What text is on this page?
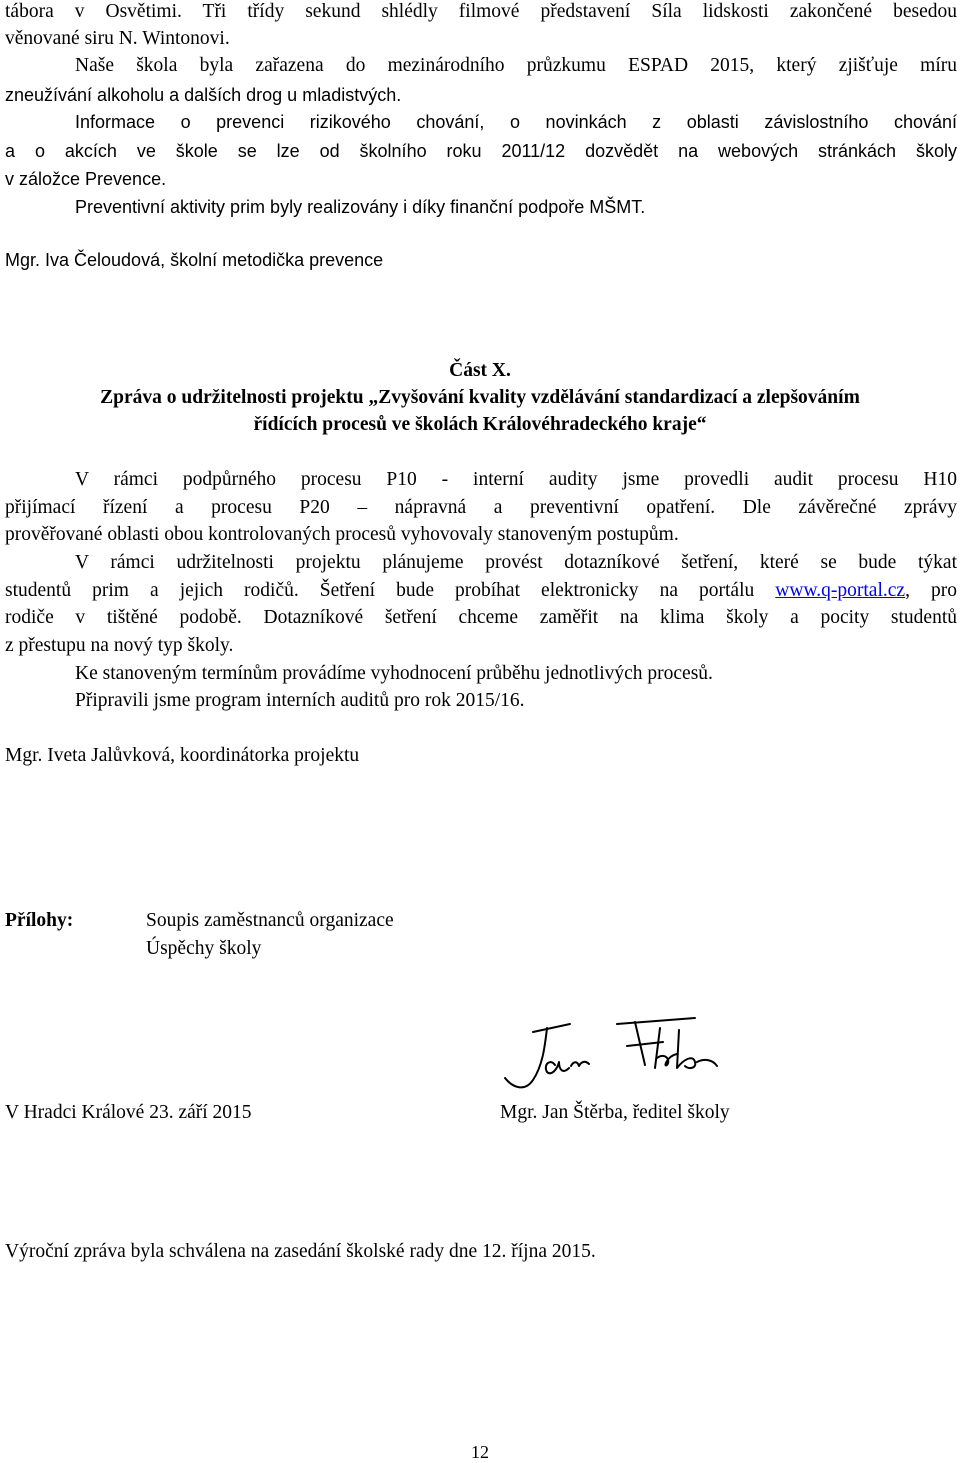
tábora v Osvětimi. Tři třídy sekund shlédly filmové představení Síla lidskosti zakončené besedou
věnované siru N. Wintonovi.
Naše škola byla zařazena do mezinárodního průzkumu ESPAD 2015, který zjišťuje míru
zneužívání alkoholu a dalších drog u mladistvých.
Informace o prevenci rizikového chování, o novinkách z oblasti závislostního chování
a o akcích ve škole se lze od školního roku 2011/12 dozvědět na webových stránkách školy
v záložce Prevence.
Preventivní aktivity prim byly realizovány i díky finanční podpoře MŠMT.
Mgr. Iva Čeloudová, školní metodička prevence
Část X.
Zpráva o udržitelnosti projektu „Zvyšování kvality vzdělávání standardizací a zlepšováním
řídících procesů ve školách Královéhradeckého kraje“
V rámci podpůrného procesu P10 - interní audity jsme provedli audit procesu H10
přijímací řízení a procesu P20 – nápravná a preventivní opatření. Dle závěrečné zprávy
prověřované oblasti obou kontrolovaných procesů vyhovovaly stanoveným postupům.
V rámci udržitelnosti projektu plánujeme provést dotazníkové šetření, které se bude týkat
studentů prim a jejich rodičů. Šetření bude probíhat elektronicky na portálu www.q-portal.cz, pro
rodiče v tištěné podobě. Dotazníkové šetření chceme zaměřit na klima školy a pocity studentů
z přestupu na nový typ školy.
Ke stanoveným termínům provádíme vyhodnocení průběhu jednotlivých procesů.
Připravili jsme program interních auditů pro rok 2015/16.
Mgr. Iveta Jalůvková, koordinátorka projektu
Přílohy:	Soupis zaměstnanců organizace
Úspěchy školy
V Hradci Králové 23. září 2015	Mgr. Jan Štěrba, ředitel školy
Výroční zpráva byla schválena na zasedání školské rady dne 12. října 2015.
12
